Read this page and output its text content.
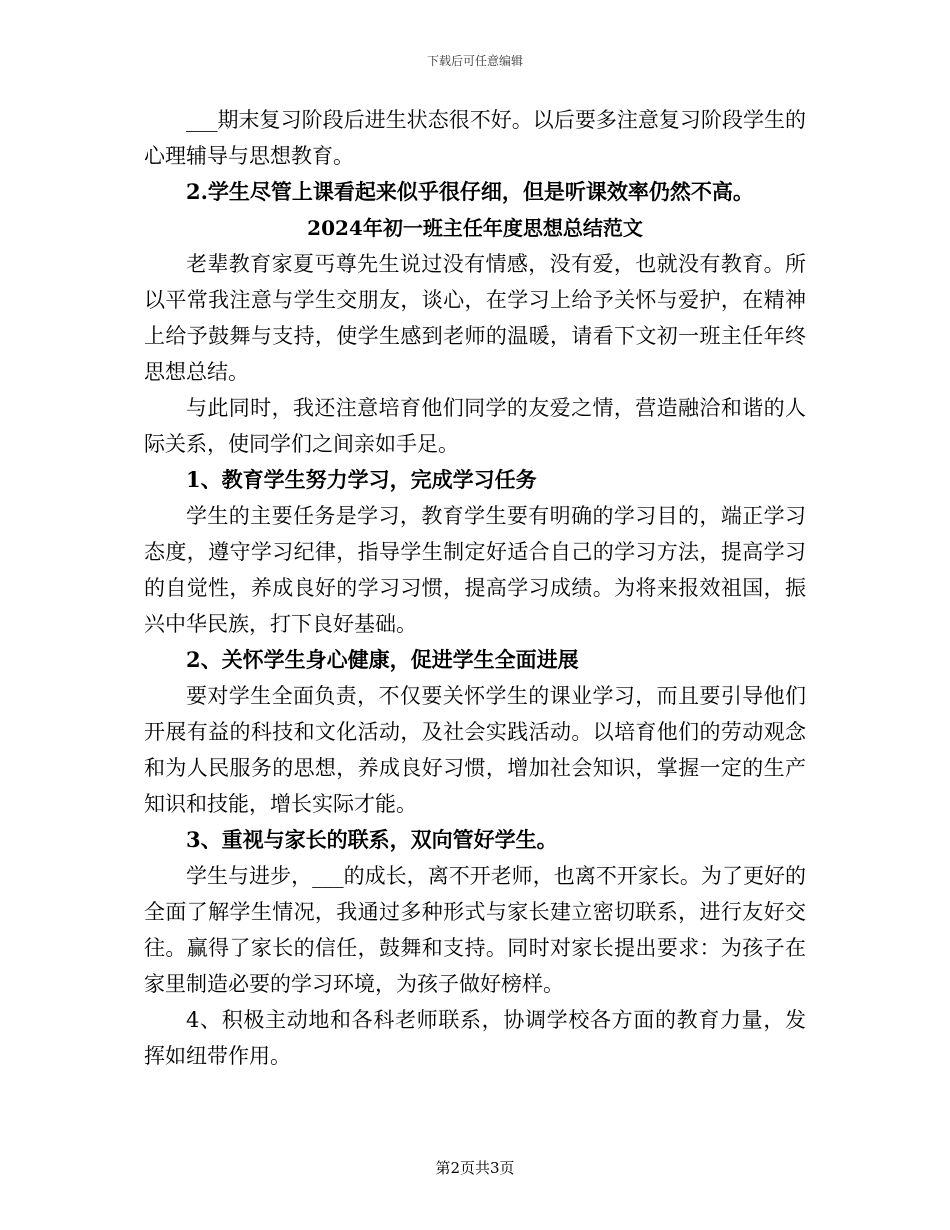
下载后可任意编辑

___期末复习阶段后进生状态很不好。以后要多注意复习阶段学生的心理辅导与思想教育。

2.学生尽管上课看起来似乎很仔细，但是听课效率仍然不高。

2024年初一班主任年度思想总结范文

老辈教育家夏丐尊先生说过没有情感，没有爱，也就没有教育。所以平常我注意与学生交朋友，谈心，在学习上给予关怀与爱护，在精神上给予鼓舞与支持，使学生感到老师的温暖，请看下文初一班主任年终思想总结。

与此同时，我还注意培育他们同学的友爱之情，营造融洽和谐的人际关系，使同学们之间亲如手足。

1、教育学生努力学习，完成学习任务

学生的主要任务是学习，教育学生要有明确的学习目的，端正学习态度，遵守学习纪律，指导学生制定好适合自己的学习方法，提高学习的自觉性，养成良好的学习习惯，提高学习成绩。为将来报效祖国，振兴中华民族，打下良好基础。

2、关怀学生身心健康，促进学生全面进展

要对学生全面负责，不仅要关怀学生的课业学习，而且要引导他们开展有益的科技和文化活动，及社会实践活动。以培育他们的劳动观念和为人民服务的思想，养成良好习惯，增加社会知识，掌握一定的生产知识和技能，增长实际才能。

3、重视与家长的联系，双向管好学生。

学生与进步，___的成长，离不开老师，也离不开家长。为了更好的全面了解学生情况，我通过多种形式与家长建立密切联系，进行友好交往。赢得了家长的信任，鼓舞和支持。同时对家长提出要求：为孩子在家里制造必要的学习环境，为孩子做好榜样。

4、积极主动地和各科老师联系，协调学校各方面的教育力量，发挥如纽带作用。

第2页共3页
